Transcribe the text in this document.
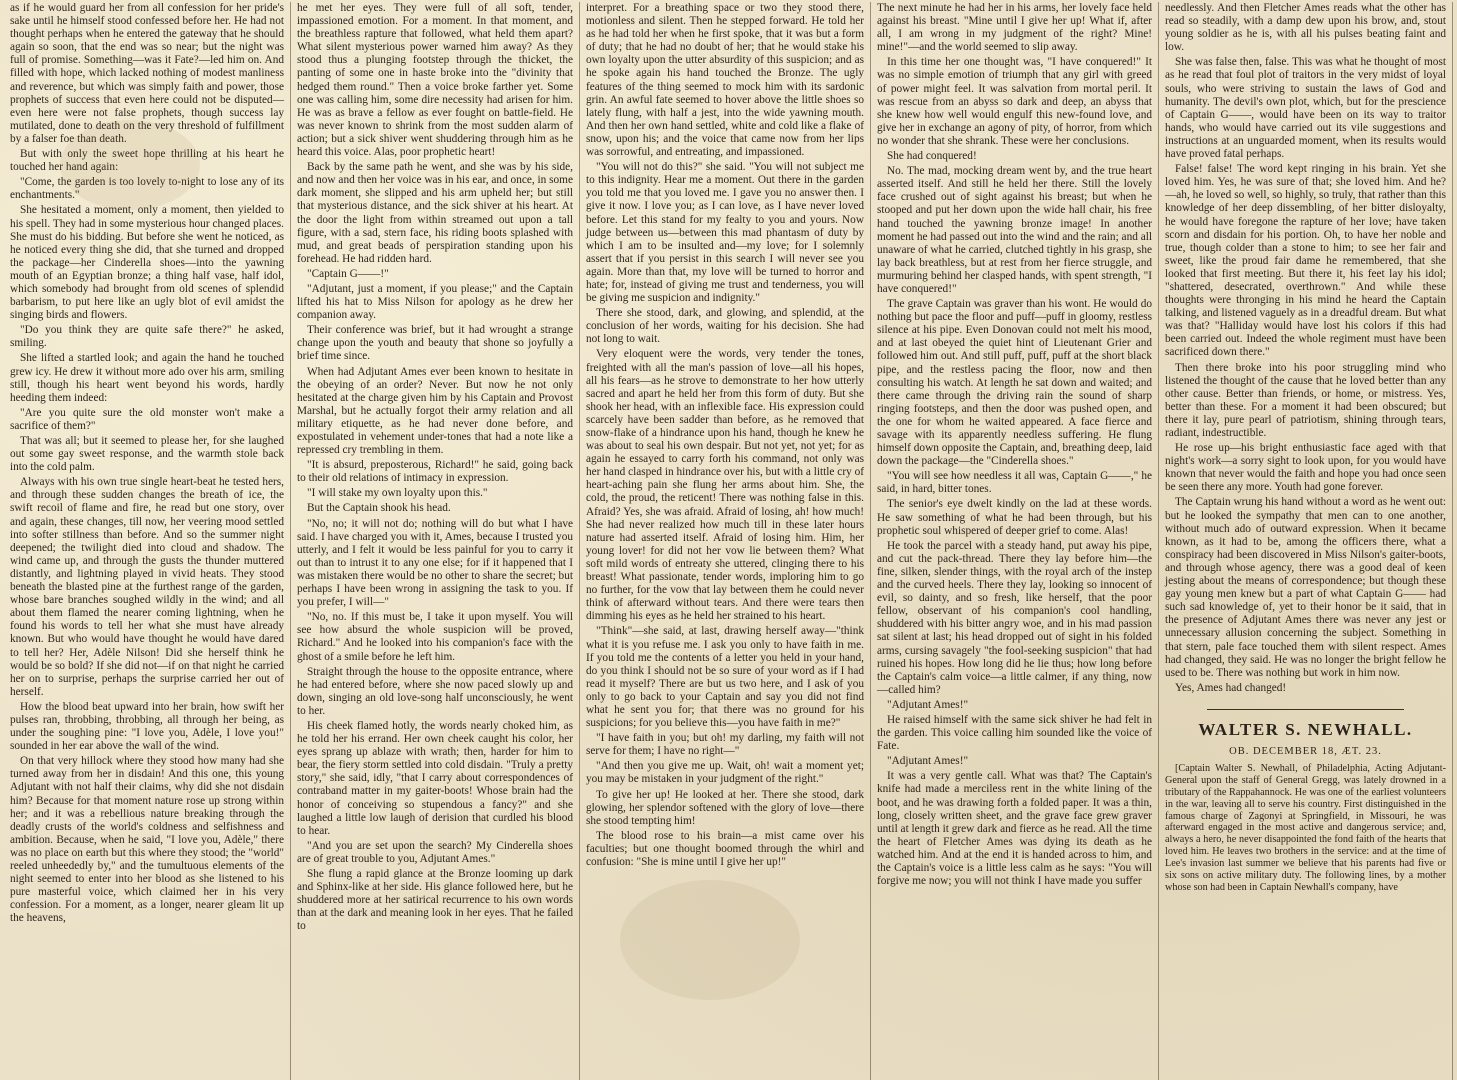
as if he would guard her from all confession for her pride's sake until he himself stood confessed before her. He had not thought perhaps when he entered the gateway that he should again so soon, that the end was so near; but the night was full of promise. Something—was it Fate?—led him on. And filled with hope, which lacked nothing of modest manliness and reverence, but which was simply faith and power, those prophets of success that even here could not be disputed—even here were not false prophets, though success lay mutilated, done to death on the very threshold of fulfillment by a falser foe than death.

But with only the sweet hope thrilling at his heart he touched her hand again:

"Come, the garden is too lovely to-night to lose any of its enchantments."

She hesitated a moment, only a moment, then yielded to his spell. They had in some mysterious hour changed places. She must do his bidding. But before she went he noticed, as he noticed every thing she did, that she turned and dropped the package—her Cinderella shoes—into the yawning mouth of an Egyptian bronze; a thing half vase, half idol, which somebody had brought from old scenes of splendid barbarism, to put here like an ugly blot of evil amidst the singing birds and flowers.

"Do you think they are quite safe there?" he asked, smiling.

She lifted a startled look; and again the hand he touched grew icy. He drew it without more ado over his arm, smiling still, though his heart went beyond his words, hardly heeding them indeed:

"Are you quite sure the old monster won't make a sacrifice of them?"

That was all; but it seemed to please her, for she laughed out some gay sweet response, and the warmth stole back into the cold palm.

Always with his own true single heart-beat he tested hers, and through these sudden changes the breath of ice, the swift recoil of flame and fire, he read but one story, over and again, these changes, till now, her veering mood settled into softer stillness than before. And so the summer night deepened; the twilight died into cloud and shadow. The wind came up, and through the gusts the thunder muttered distantly, and lightning played in vivid heats. They stood beneath the blasted pine at the furthest range of the garden, whose bare branches soughed wildly in the wind; and all about them flamed the nearer coming lightning, when he found his words to tell her what she must have already known. But who would have thought he would have dared to tell her? Her, Adèle Nilson! Did she herself think he would be so bold? If she did not—if on that night he carried her on to surprise, perhaps the surprise carried her out of herself.

How the blood beat upward into her brain, how swift her pulses ran, throbbing, throbbing, all through her being, as under the soughing pine: "I love you, Adèle, I love you!" sounded in her ear above the wall of the wind.

On that very hillock where they stood how many had she turned away from her in disdain! And this one, this young Adjutant with not half their claims, why did she not disdain him? Because for that moment nature rose up strong within her; and it was a rebellious nature breaking through the deadly crusts of the world's coldness and selfishness and ambition. Because, when he said, "I love you, Adèle," there was no place on earth but this where they stood; the "world" reeled unheededly by," and the tumultuous elements of the night seemed to enter into her blood as she listened to his pure masterful voice, which claimed her in his very confession. For a moment, as a longer, nearer gleam lit up the heavens,

he met her eyes. They were full of all soft, tender, impassioned emotion. For a moment. In that moment, and the breathless rapture that followed, what held them apart? What silent mysterious power warned him away? As they stood thus a plunging footstep through the thicket, the panting of some one in haste broke into the "divinity that hedged them round." Then a voice broke farther yet. Some one was calling him, some dire necessity had arisen for him. He was as brave a fellow as ever fought on battle-field. He was never known to shrink from the most sudden alarm of action; but a sick shiver went shuddering through him as he heard this voice. Alas, poor prophetic heart!

Back by the same path he went, and she was by his side, and now and then her voice was in his ear, and once, in some dark moment, she slipped and his arm upheld her; but still that mysterious distance, and the sick shiver at his heart. At the door the light from within streamed out upon a tall figure, with a sad, stern face, his riding boots splashed with mud, and great beads of perspiration standing upon his forehead. He had ridden hard.

"Captain G——!"

"Adjutant, just a moment, if you please;" and the Captain lifted his hat to Miss Nilson for apology as he drew her companion away.

Their conference was brief, but it had wrought a strange change upon the youth and beauty that shone so joyfully a brief time since.

When had Adjutant Ames ever been known to hesitate in the obeying of an order? Never. But now he not only hesitated at the charge given him by his Captain and Provost Marshal, but he actually forgot their army relation and all military etiquette, as he had never done before, and expostulated in vehement under-tones that had a note like a repressed cry trembling in them.

"It is absurd, preposterous, Richard!" he said, going back to their old relations of intimacy in expression.

"I will stake my own loyalty upon this."

But the Captain shook his head.

"No, no; it will not do; nothing will do but what I have said. I have charged you with it, Ames, because I trusted you utterly, and I felt it would be less painful for you to carry it out than to intrust it to any one else; for if it happened that I was mistaken there would be no other to share the secret; but perhaps I have been wrong in assigning the task to you. If you prefer, I will—"

"No, no. If this must be, I take it upon myself. You will see how absurd the whole suspicion will be proved, Richard." And he looked into his companion's face with the ghost of a smile before he left him.

Straight through the house to the opposite entrance, where he had entered before, where she now paced slowly up and down, singing an old love-song half unconsciously, he went to her.

His cheek flamed hotly, the words nearly choked him, as he told her his errand. Her own cheek caught his color, her eyes sprang up ablaze with wrath; then, harder for him to bear, the fiery storm settled into cold disdain. "Truly a pretty story," she said, idly, "that I carry about correspondences of contraband matter in my gaiter-boots! Whose brain had the honor of conceiving so stupendous a fancy?" and she laughed a little low laugh of derision that curdled his blood to hear.

"And you are set upon the search? My Cinderella shoes are of great trouble to you, Adjutant Ames."

She flung a rapid glance at the Bronze looming up dark and Sphinx-like at her side. His glance followed here, but he shuddered more at her satirical recurrence to his own words than at the dark and meaning look in her eyes. That he failed to

interpret. For a breathing space or two they stood there, motionless and silent. Then he stepped forward. He told her as he had told her when he first spoke, that it was but a form of duty; that he had no doubt of her; that he would stake his own loyalty upon the utter absurdity of this suspicion; and as he spoke again his hand touched the Bronze. The ugly features of the thing seemed to mock him with its sardonic grin. An awful fate seemed to hover above the little shoes so lately flung, with half a jest, into the wide yawning mouth. And then her own hand settled, white and cold like a flake of snow, upon his; and the voice that came now from her lips was sorrowful, and entreating, and impassioned.

"You will not do this?" she said. "You will not subject me to this indignity. Hear me a moment. Out there in the garden you told me that you loved me. I gave you no answer then. I give it now. I love you; as I can love, as I have never loved before. Let this stand for my fealty to you and yours. Now judge between us—between this mad phantasm of duty by which I am to be insulted and—my love; for I solemnly assert that if you persist in this search I will never see you again. More than that, my love will be turned to horror and hate; for, instead of giving me trust and tenderness, you will be giving me suspicion and indignity."

There she stood, dark, and glowing, and splendid, at the conclusion of her words, waiting for his decision. She had not long to wait.

Very eloquent were the words, very tender the tones, freighted with all the man's passion of love—all his hopes, all his fears—as he strove to demonstrate to her how utterly sacred and apart he held her from this form of duty. But she shook her head, with an inflexible face. His expression could scarcely have been sadder than before, as he removed that snow-flake of a hindrance upon his hand, though he knew he was about to seal his own despair. But not yet, not yet; for as again he essayed to carry forth his command, not only was her hand clasped in hindrance over his, but with a little cry of heart-aching pain she flung her arms about him. She, the cold, the proud, the reticent! There was nothing false in this. Afraid? Yes, she was afraid. Afraid of losing, ah! how much! She had never realized how much till in these later hours nature had asserted itself. Afraid of losing him. Him, her young lover! for did not her vow lie between them? What soft mild words of entreaty she uttered, clinging there to his breast! What passionate, tender words, imploring him to go no further, for the vow that lay between them he could never think of afterward without tears. And there were tears then dimming his eyes as he held her strained to his heart.

"Think"—she said, at last, drawing herself away—"think what it is you refuse me. I ask you only to have faith in me. If you told me the contents of a letter you held in your hand, do you think I should not be so sure of your word as if I had read it myself? There are but us two here, and I ask of you only to go back to your Captain and say you did not find what he sent you for; that there was no ground for his suspicions; for you believe this—you have faith in me?"

"I have faith in you; but oh! my darling, my faith will not serve for them; I have no right—"

"And then you give me up. Wait, oh! wait a moment yet; you may be mistaken in your judgment of the right."

To give her up! He looked at her. There she stood, dark glowing, her splendor softened with the glory of love—there she stood tempting him!

The blood rose to his brain—a mist came over his faculties; but one thought boomed through the whirl and confusion: "She is mine until I give her up!"

The next minute he had her in his arms, her lovely face held against his breast. "Mine until I give her up! What if, after all, I am wrong in my judgment of the right? Mine! mine!"—and the world seemed to slip away.

In this time her one thought was, "I have conquered!" It was no simple emotion of triumph that any girl with greed of power might feel. It was salvation from mortal peril. It was rescue from an abyss so dark and deep, an abyss that she knew how well would engulf this new-found love, and give her in exchange an agony of pity, of horror, from which no wonder that she shrank. These were her conclusions.

She had conquered!

No. The mad, mocking dream went by, and the true heart asserted itself. And still he held her there. Still the lovely face crushed out of sight against his breast; but when he stooped and put her down upon the wide hall chair, his free hand touched the yawning bronze image! In another moment he had passed out into the wind and the rain; and all unaware of what he carried, clutched tightly in his grasp, she lay back breathless, but at rest from her fierce struggle, and murmuring behind her clasped hands, with spent strength, "I have conquered!"

The grave Captain was graver than his wont. He would do nothing but pace the floor and puff—puff in gloomy, restless silence at his pipe. Even Donovan could not melt his mood, and at last obeyed the quiet hint of Lieutenant Grier and followed him out. And still puff, puff, puff at the short black pipe, and the restless pacing the floor, now and then consulting his watch. At length he sat down and waited; and there came through the driving rain the sound of sharp ringing footsteps, and then the door was pushed open, and the one for whom he waited appeared. A face fierce and savage with its apparently needless suffering. He flung himself down opposite the Captain, and, breathing deep, laid down the package—the "Cinderella shoes."

"You will see how needless it all was, Captain G——," he said, in hard, bitter tones.

The senior's eye dwelt kindly on the lad at these words. He saw something of what he had been through, but his prophetic soul whispered of deeper grief to come. Alas!

He took the parcel with a steady hand, put away his pipe, and cut the pack-thread. There they lay before him—the fine, silken, slender things, with the royal arch of the instep and the curved heels. There they lay, looking so innocent of evil, so dainty, and so fresh, like herself, that the poor fellow, observant of his companion's cool handling, shuddered with his bitter angry woe, and in his mad passion sat silent at last; his head dropped out of sight in his folded arms, cursing savagely "the fool-seeking suspicion" that had ruined his hopes. How long did he lie thus; how long before the Captain's calm voice—a little calmer, if any thing, now—called him?

"Adjutant Ames!"

He raised himself with the same sick shiver he had felt in the garden. This voice calling him sounded like the voice of Fate.

"Adjutant Ames!"

It was a very gentle call. What was that? The Captain's knife had made a merciless rent in the white lining of the boot, and he was drawing forth a folded paper. It was a thin, long, closely written sheet, and the grave face grew graver until at length it grew dark and fierce as he read. All the time the heart of Fletcher Ames was dying its death as he watched him. And at the end it is handed across to him, and the Captain's voice is a little less calm as he says: "You will forgive me now; you will not think I have made you suffer

needlessly. And then Fletcher Ames reads what the other has read so steadily, with a damp dew upon his brow, and, stout young soldier as he is, with all his pulses beating faint and low.

She was false then, false. This was what he thought of most as he read that foul plot of traitors in the very midst of loyal souls, who were striving to sustain the laws of God and humanity. The devil's own plot, which, but for the prescience of Captain G——, would have been on its way to traitor hands, who would have carried out its vile suggestions and instructions at an unguarded moment, when its results would have proved fatal perhaps.

False! false! The word kept ringing in his brain. Yet she loved him. Yes, he was sure of that; she loved him. And he?—ah, he loved so well, so highly, so truly, that rather than this knowledge of her deep dissembling, of her bitter disloyalty, he would have foregone the rapture of her love; have taken scorn and disdain for his portion. Oh, to have her noble and true, though colder than a stone to him; to see her fair and sweet, like the proud fair dame he remembered, that she looked that first meeting. But there it, his feet lay his idol; "shattered, desecrated, overthrown." And while these thoughts were thronging in his mind he heard the Captain talking, and listened vaguely as in a dreadful dream. But what was that? "Halliday would have lost his colors if this had been carried out. Indeed the whole regiment must have been sacrificed down there."

Then there broke into his poor struggling mind who listened the thought of the cause that he loved better than any other cause. Better than friends, or home, or mistress. Yes, better than these. For a moment it had been obscured; but there it lay, pure pearl of patriotism, shining through tears, radiant, indestructible.

He rose up—his bright enthusiastic face aged with that night's work—a sorry sight to look upon, for you would have known that never would the faith and hope you had once seen be seen there any more. Youth had gone forever.

The Captain wrung his hand without a word as he went out: but he looked the sympathy that men can to one another, without much ado of outward expression. When it became known, as it had to be, among the officers there, what a conspiracy had been discovered in Miss Nilson's gaiter-boots, and through whose agency, there was a good deal of keen jesting about the means of correspondence; but though these gay young men knew but a part of what Captain G—— had such sad knowledge of, yet to their honor be it said, that in the presence of Adjutant Ames there was never any jest or unnecessary allusion concerning the subject. Something in that stern, pale face touched them with silent respect. Ames had changed, they said. He was no longer the bright fellow he used to be. There was nothing but work in him now.

Yes, Ames had changed!

WALTER S. NEWHALL.
OB. DECEMBER 18, ÆT. 23.

[Captain Walter S. Newhall, of Philadelphia, Acting Adjutant-General upon the staff of General Gregg, was lately drowned in a tributary of the Rappahannock. He was one of the earliest volunteers in the war, leaving all to serve his country. First distinguished in the famous charge of Zagonyi at Springfield, in Missouri, he was afterward engaged in the most active and dangerous service; and, always a hero, he never disappointed the fond faith of the hearts that loved him. He leaves two brothers in the service: and at the time of Lee's invasion last summer we believe that his parents had five or six sons on active military duty. The following lines, by a mother whose son had been in Captain Newhall's company, have
